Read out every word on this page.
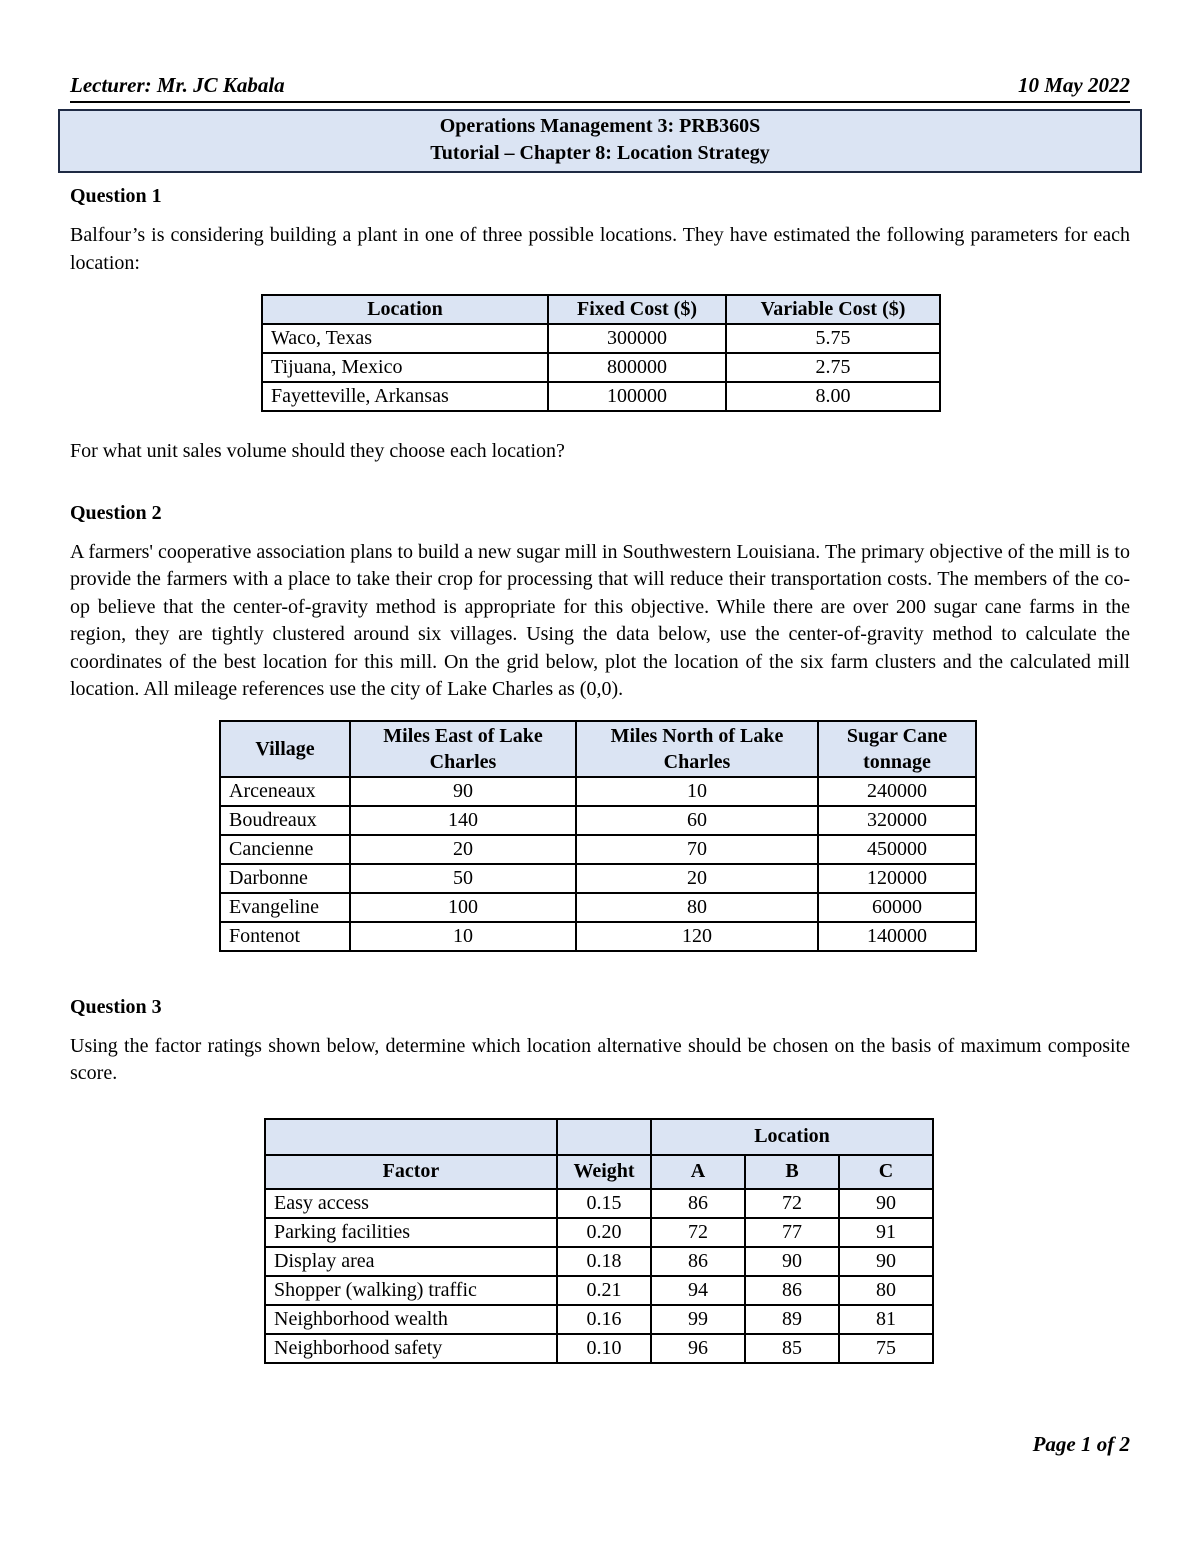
Lecturer: Mr. JC Kabala	10 May 2022
Operations Management 3: PRB360S
Tutorial – Chapter 8: Location Strategy
Question 1
Balfour’s is considering building a plant in one of three possible locations. They have estimated the following parameters for each location:
Location	Fixed Cost ($)	Variable Cost ($)
Waco, Texas	300000	5.75
Tijuana, Mexico	800000	2.75
Fayetteville, Arkansas	100000	8.00
For what unit sales volume should they choose each location?
Question 2
A farmers' cooperative association plans to build a new sugar mill in Southwestern Louisiana. The primary objective of the mill is to provide the farmers with a place to take their crop for processing that will reduce their transportation costs. The members of the co-op believe that the center-of-gravity method is appropriate for this objective. While there are over 200 sugar cane farms in the region, they are tightly clustered around six villages. Using the data below, use the center-of-gravity method to calculate the coordinates of the best location for this mill. On the grid below, plot the location of the six farm clusters and the calculated mill location. All mileage references use the city of Lake Charles as (0,0).
Village	Miles East of Lake Charles	Miles North of Lake Charles	Sugar Cane tonnage
Arceneaux	90	10	240000
Boudreaux	140	60	320000
Cancienne	20	70	450000
Darbonne	50	20	120000
Evangeline	100	80	60000
Fontenot	10	120	140000
Question 3
Using the factor ratings shown below, determine which location alternative should be chosen on the basis of maximum composite score.
		Location		
Factor	Weight	A	B	C
Easy access	0.15	86	72	90
Parking facilities	0.20	72	77	91
Display area	0.18	86	90	90
Shopper (walking) traffic	0.21	94	86	80
Neighborhood wealth	0.16	99	89	81
Neighborhood safety	0.10	96	85	75
Page 1 of 2
